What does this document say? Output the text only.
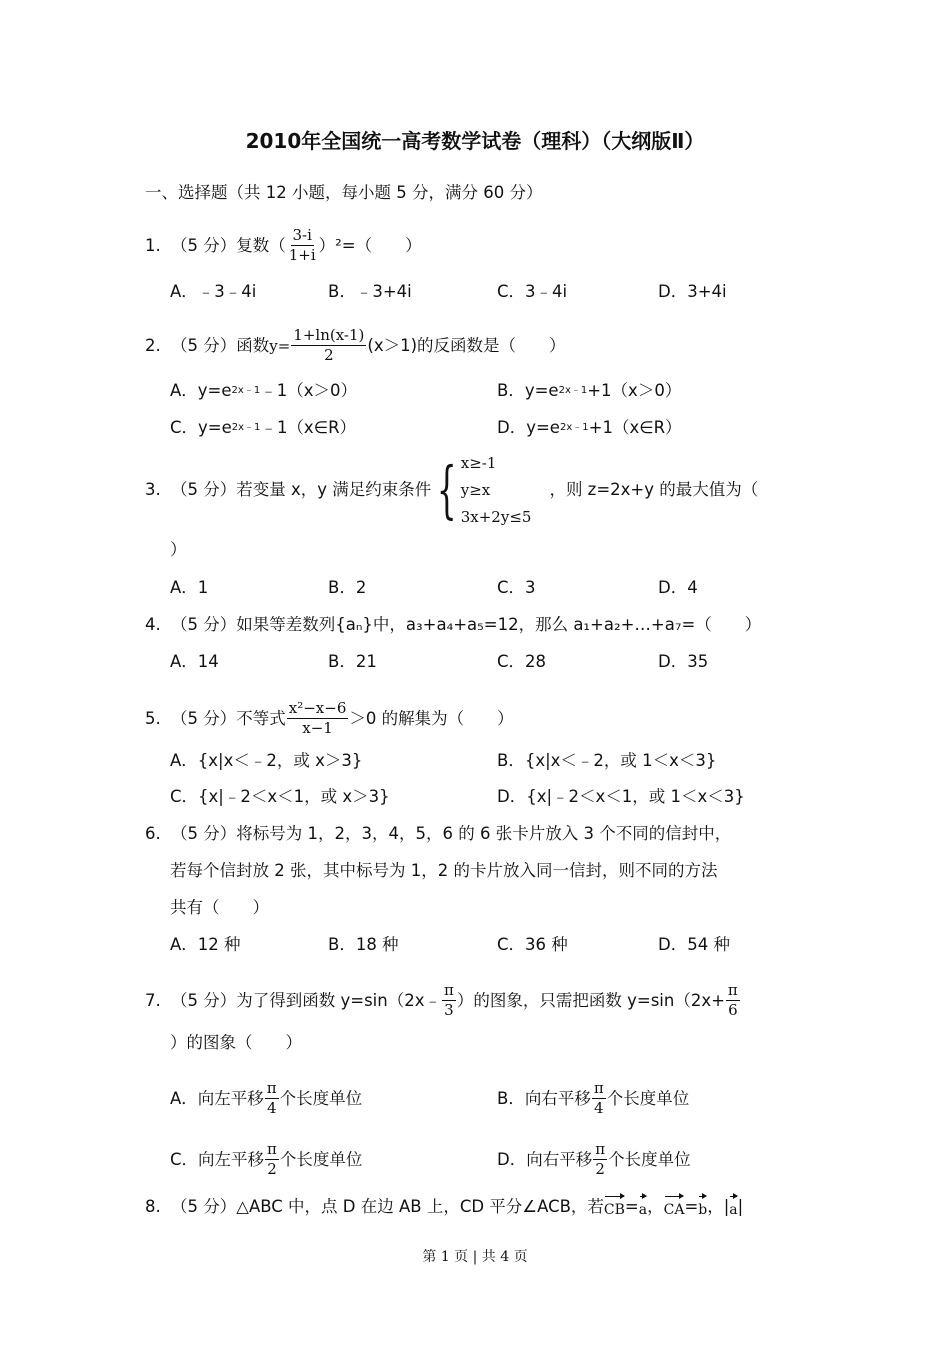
2010年全国统一高考数学试卷（理科）（大纲版Ⅱ）
一、选择题（共 12 小题，每小题 5 分，满分 60 分）
1. （5 分） 复数（ $\frac{3-i}{1+i} )^2=$（　　）
A．﹣3﹣4i	B．﹣3+4i	C．3﹣4i	D．3+4i
2. （5 分） 函数 $y= \frac{1+\ln(x-1)}{2} (x>1)$的反函数是（　　）
A． y=e 2x﹣1 ﹣1（x＞0）	B． y=e 2x﹣1 +1（x＞0）
C． y=e 2x﹣1 ﹣1（x∈R）	D． y=e 2x﹣1 +1（x∈R）
3. （5 分） 若变量 x，y 满足约束条件 { x≥-1
y≥x
3x+2y≤5
，则 z=2x+y 的最大值为（
）
A．1	B．2	C．3	D．4
4. （5 分） 如果等差数列{aₙ}中，a₃+a₄+a₅=12，那么 a₁+a₂+…+a₇=（　　）
A．14	B．21	C．28	D．35
5. （5 分） 不等式 $\frac{\text{x²−x−6}}{x-1} >0$ 的解集为（　　）
A．{x|x＜﹣2，或 x＞3}	B．{x|x＜﹣2，或 1＜x＜3}
C．{x|﹣2＜x＜1，或 x＞3}	D．{x|﹣2＜x＜1，或 1＜x＜3}
6. （5 分） 将标号为 1，2，3，4，5，6 的 6 张卡片放入 3 个不同的信封中，
若每个信封放 2 张，其中标号为 1，2 的卡片放入同一信封，则不同的方法
共有（　　）
A．12 种	B．18 种	C．36 种	D．54 种
7. （5 分） 为了得到函数 y=sin（2x﹣ $\frac{\pi}{3}$ ）的图象，只需把函数 $y=\sin(2x+ \frac{\pi}{6}$
）的图象（　　）
A． 向左平移 $\frac{\pi}{4}$ 个长度单位	B． 向右平移 $\frac{\pi}{4}$ 个长度单位
C． 向左平移 $\frac{\pi}{2}$ 个长度单位	D． 向右平移 $\frac{\pi}{2}$ 个长度单位
8. （5 分） △ABC 中，点 D 在边 AB 上，CD 平分∠ACB，若 CB = a ， CA = b ， | a |
第 1 页 | 共 4 页
